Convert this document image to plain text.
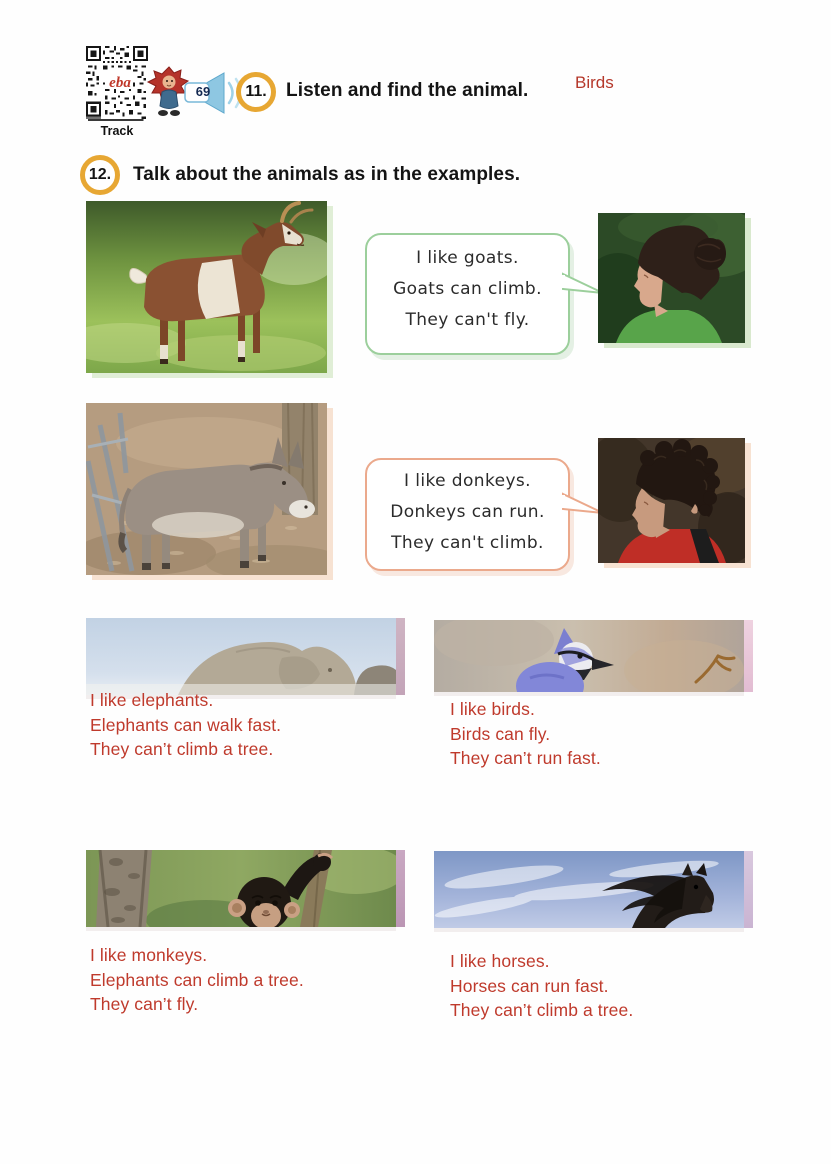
eba
Track
69	11. Listen and find the animal.	Birds
12. Talk about the animals as in the examples.
I like goats.
Goats can climb.
They can't fly.
I like donkeys.
Donkeys can run.
They can't climb.
I like elephants.
Elephants can walk fast.
They can’t climb a tree.
I like birds.
Birds can fly.
They can’t run fast.
I like monkeys.
Elephants can climb a tree.
They can’t fly.
I like horses.
Horses can run fast.
They can’t climb a tree.
